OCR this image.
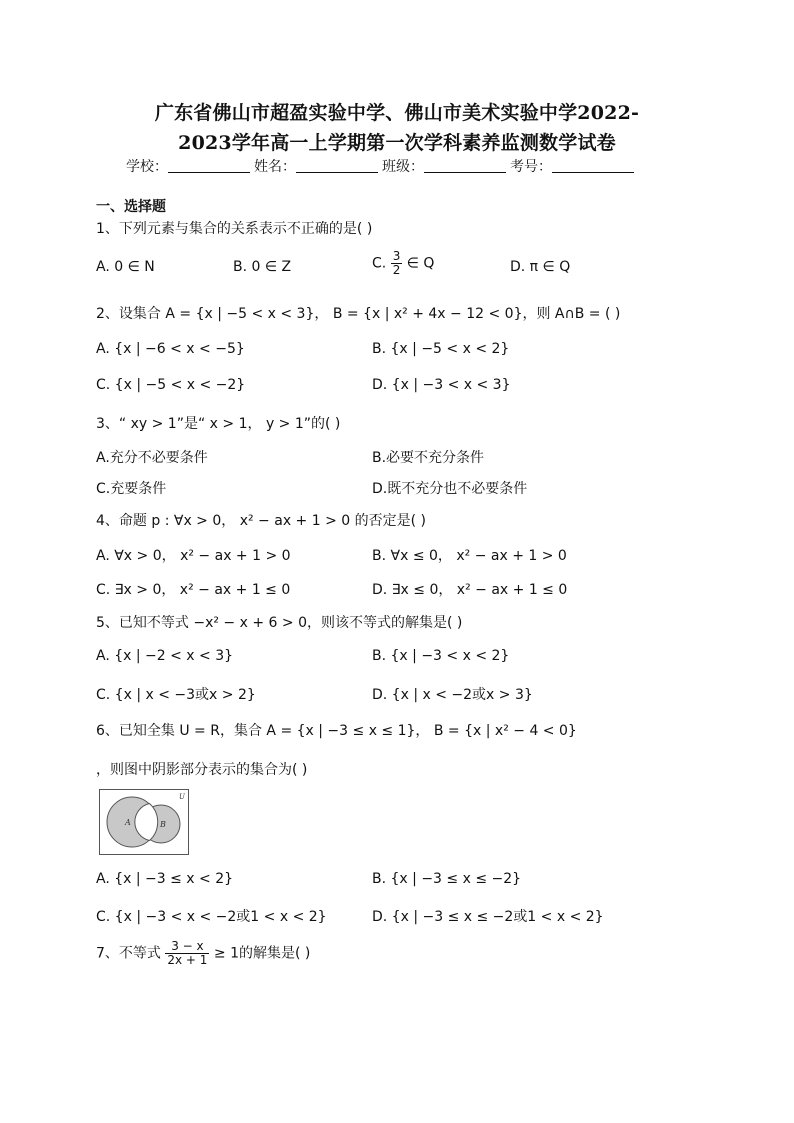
广东省佛山市超盈实验中学、佛山市美术实验中学2022-
2023学年高一上学期第一次学科素养监测数学试卷
学校：	姓名：	班级：	考号：
一、选择题
1、下列元素与集合的关系表示不正确的是( )
A. 0 ∈ N	B. 0 ∈ Z	C. $\frac{3}{2}$ ∈ Q	D. π ∈ Q
2、设集合 A = {x | −5 < x < 3}， B = {x | x² + 4x − 12 < 0}，则 A∩B = ( )
A. {x | −6 < x < −5}	B. {x | −5 < x < 2}
C. {x | −5 < x < −2}	D. {x | −3 < x < 3}
3、“ xy > 1”是“ x > 1， y > 1”的( )
A.充分不必要条件	B.必要不充分条件
C.充要条件	D.既不充分也不必要条件
4、命题 p : ∀x > 0， x² − ax + 1 > 0 的否定是( )
A. ∀x > 0， x² − ax + 1 > 0	B. ∀x ≤ 0， x² − ax + 1 > 0
C. ∃x > 0， x² − ax + 1 ≤ 0	D. ∃x ≤ 0， x² − ax + 1 ≤ 0
5、已知不等式 −x² − x + 6 > 0，则该不等式的解集是( )
A. {x | −2 < x < 3}	B. {x | −3 < x < 2}
C. {x | x < −3或x > 2}	D. {x | x < −2或x > 3}
6、已知全集 U = R，集合 A = {x | −3 ≤ x ≤ 1}， B = {x | x² − 4 < 0}
，则图中阴影部分表示的集合为( )
U
A	B
A. {x | −3 ≤ x < 2}	B. {x | −3 ≤ x ≤ −2}
C. {x | −3 < x < −2或1 < x < 2}	D. {x | −3 ≤ x ≤ −2或1 < x < 2}
7、不等式 $\frac{3 - x}{2x + 1} \ge 1$的解集是( )
